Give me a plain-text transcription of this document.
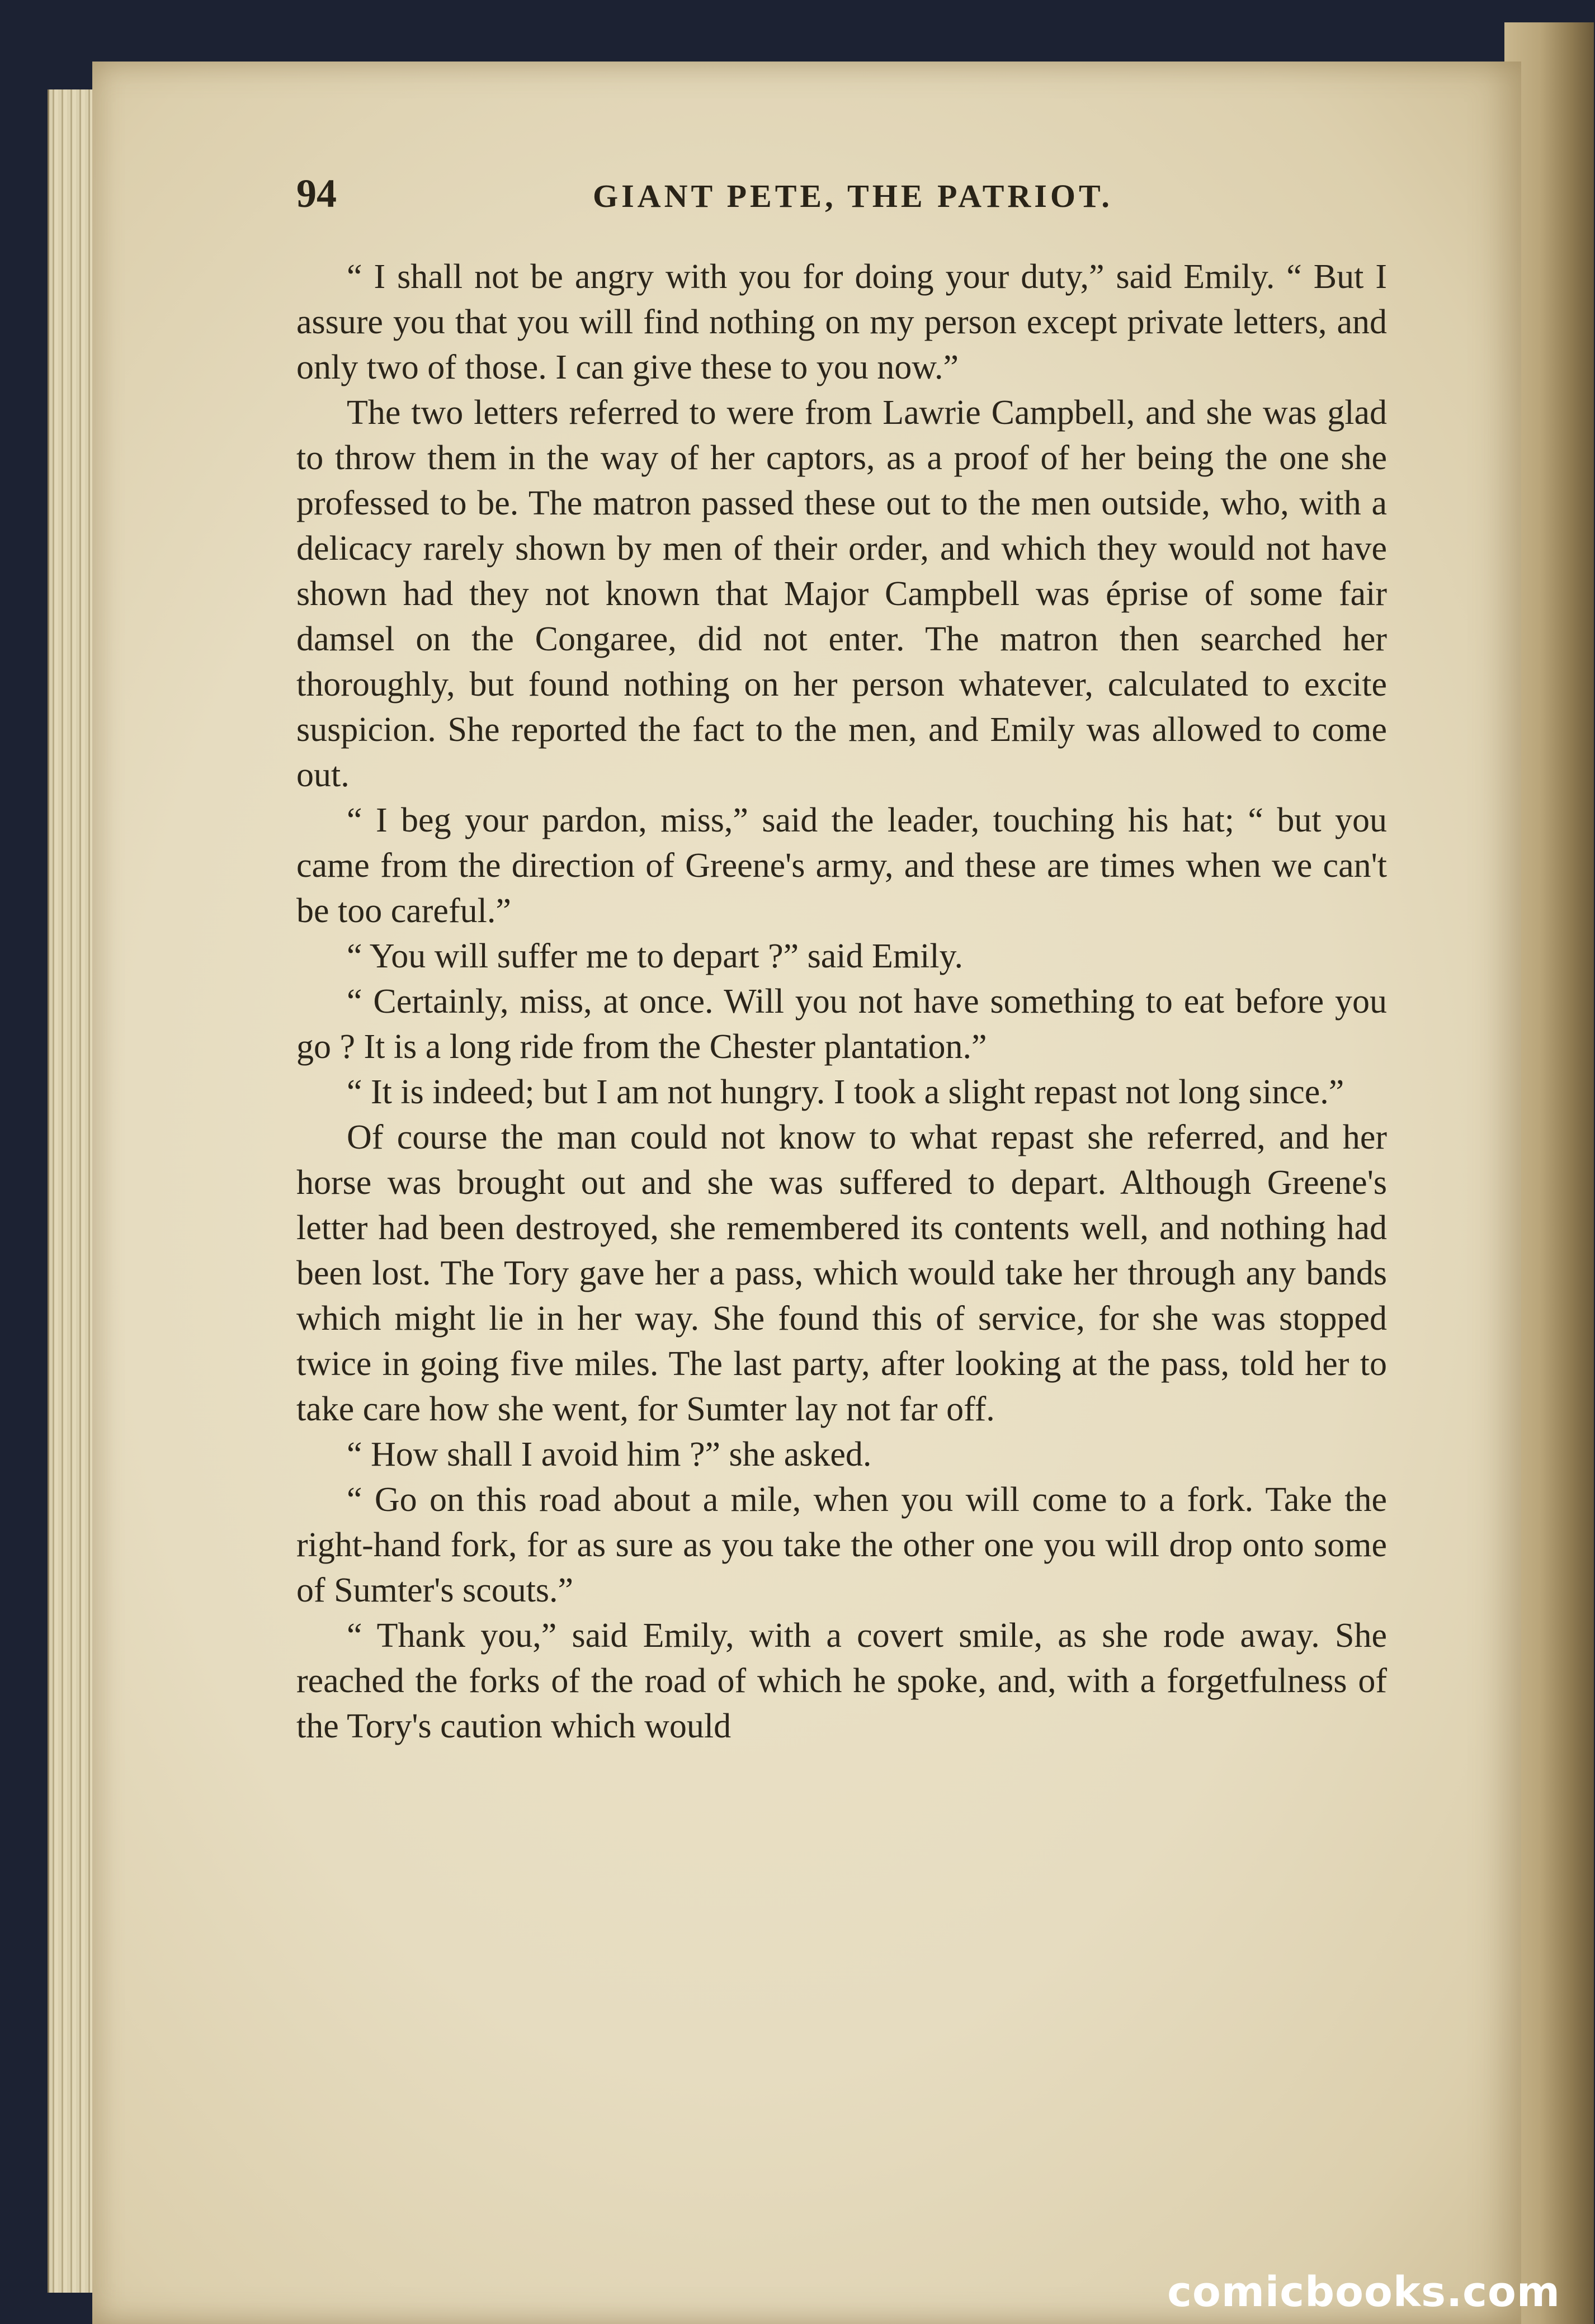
94	GIANT PETE, THE PATRIOT.

“ I shall not be angry with you for doing your duty,” said Emily. “ But I assure you that you will find nothing on my person except private letters, and only two of those. I can give these to you now.”

The two letters referred to were from Lawrie Campbell, and she was glad to throw them in the way of her captors, as a proof of her being the one she professed to be. The matron passed these out to the men outside, who, with a delicacy rarely shown by men of their order, and which they would not have shown had they not known that Major Campbell was éprise of some fair damsel on the Congaree, did not enter. The matron then searched her thoroughly, but found nothing on her person whatever, calculated to excite suspicion. She reported the fact to the men, and Emily was allowed to come out.

“ I beg your pardon, miss,” said the leader, touching his hat; “ but you came from the direction of Greene's army, and these are times when we can't be too careful.”

“ You will suffer me to depart ?” said Emily.

“ Certainly, miss, at once. Will you not have something to eat before you go ? It is a long ride from the Chester plantation.”

“ It is indeed; but I am not hungry. I took a slight repast not long since.”

Of course the man could not know to what repast she referred, and her horse was brought out and she was suffered to depart. Although Greene's letter had been destroyed, she remembered its contents well, and nothing had been lost. The Tory gave her a pass, which would take her through any bands which might lie in her way. She found this of service, for she was stopped twice in going five miles. The last party, after looking at the pass, told her to take care how she went, for Sumter lay not far off.

“ How shall I avoid him ?” she asked.

“ Go on this road about a mile, when you will come to a fork. Take the right-hand fork, for as sure as you take the other one you will drop onto some of Sumter's scouts.”

“ Thank you,” said Emily, with a covert smile, as she rode away. She reached the forks of the road of which he spoke, and, with a forgetfulness of the Tory's caution which would

comicbooks.com
